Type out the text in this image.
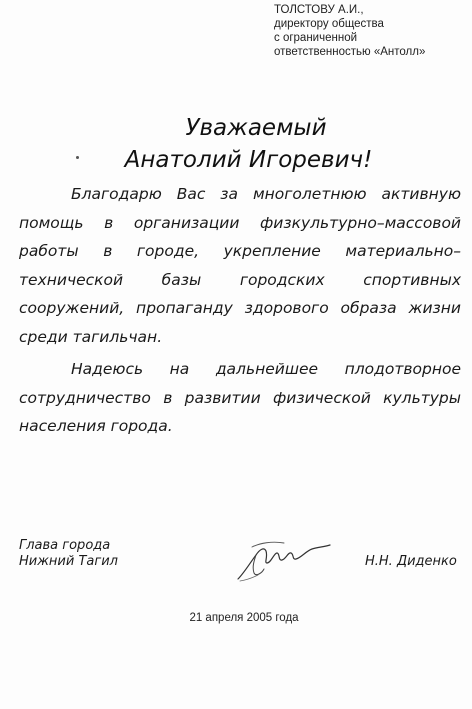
ТОЛСТОВУ А.И.,
директору общества
с ограниченной
ответственностью «Антолл»
Уважаемый
Анатолий Игоревич!
Благодарю Вас за многолетнюю активную
помощь в организации физкультурно–массовой
работы в городе, укрепление материально–
технической базы городских спортивных
сооружений, пропаганду здорового образа жизни
среди тагильчан.
Надеюсь на дальнейшее плодотворное
сотрудничество в развитии физической культуры
населения города.
Глава города
Нижний Тагил	Н.Н. Диденко
21 апреля 2005 года
